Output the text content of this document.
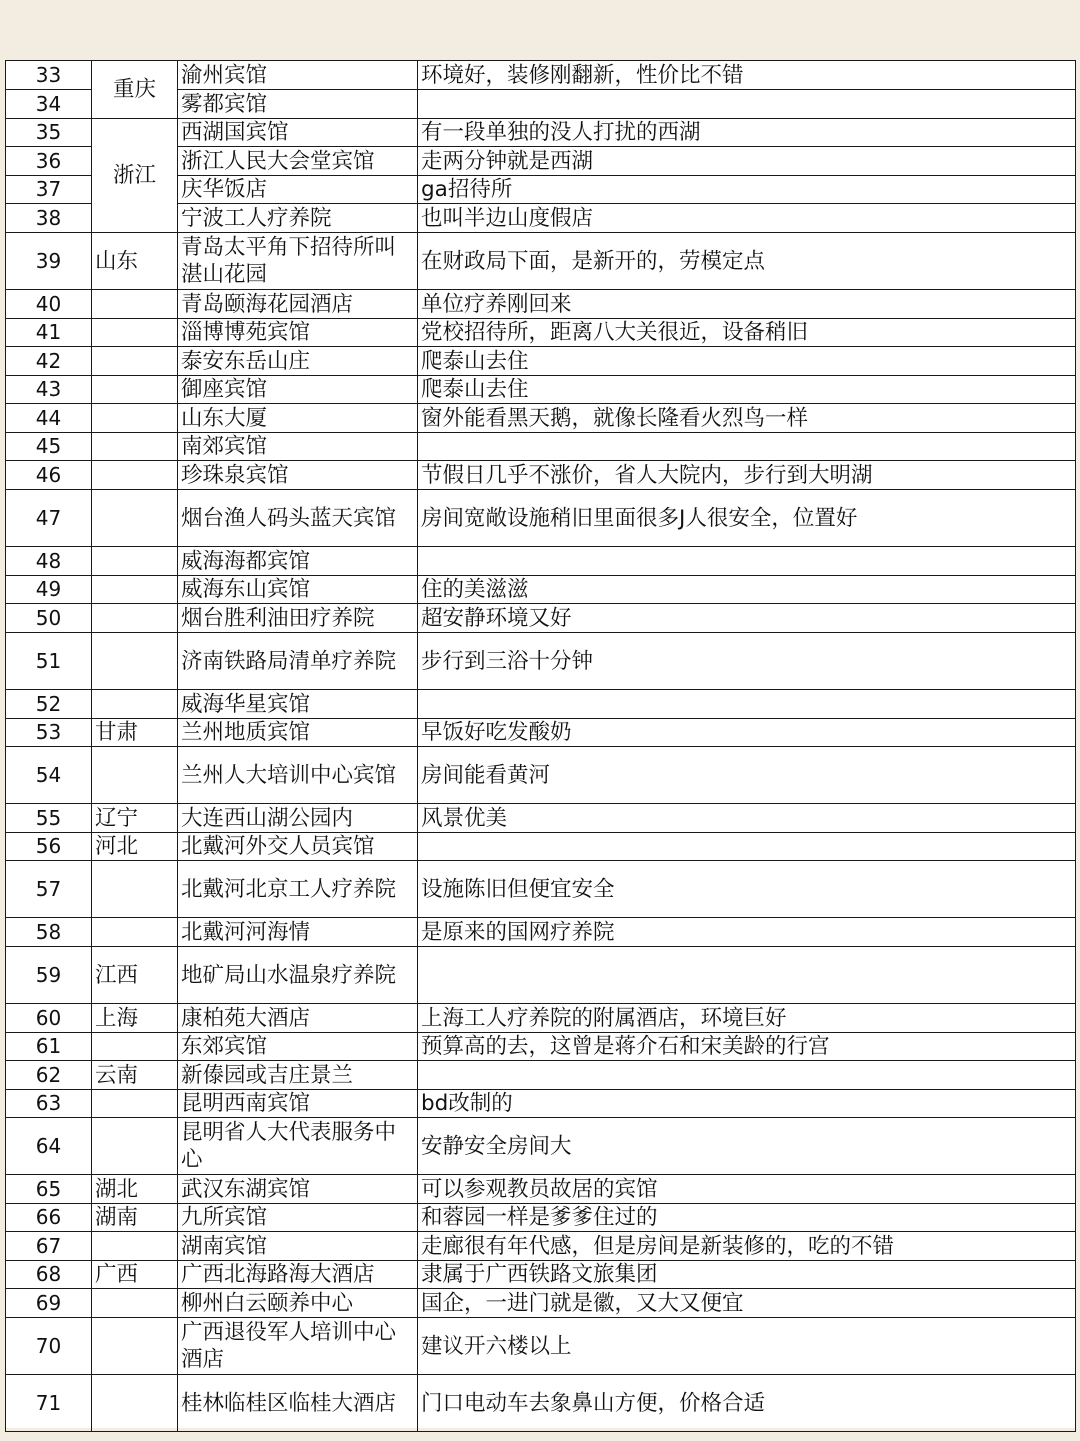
33	重庆	渝州宾馆	环境好，装修刚翻新，性价比不错
34		雾都宾馆	
35	浙江	西湖国宾馆	有一段单独的没人打扰的西湖
36		浙江人民大会堂宾馆	走两分钟就是西湖
37		庆华饭店	ga招待所
38		宁波工人疗养院	也叫半边山度假店
39	山东	青岛太平角下招待所叫湛山花园	在财政局下面，是新开的，劳模定点
40		青岛颐海花园酒店	单位疗养刚回来
41		淄博博苑宾馆	党校招待所，距离八大关很近，设备稍旧
42		泰安东岳山庄	爬泰山去住
43		御座宾馆	爬泰山去住
44		山东大厦	窗外能看黑天鹅，就像长隆看火烈鸟一样
45		南郊宾馆	
46		珍珠泉宾馆	节假日几乎不涨价，省人大院内，步行到大明湖
47		烟台渔人码头蓝天宾馆	房间宽敞设施稍旧里面很多J人很安全，位置好
48		威海海都宾馆	
49		威海东山宾馆	住的美滋滋
50		烟台胜利油田疗养院	超安静环境又好
51		济南铁路局清单疗养院	步行到三浴十分钟
52		威海华星宾馆	
53	甘肃	兰州地质宾馆	早饭好吃发酸奶
54		兰州人大培训中心宾馆	房间能看黄河
55	辽宁	大连西山湖公园内	风景优美
56	河北	北戴河外交人员宾馆	
57		北戴河北京工人疗养院	设施陈旧但便宜安全
58		北戴河河海情	是原来的国网疗养院
59	江西	地矿局山水温泉疗养院	
60	上海	康柏苑大酒店	上海工人疗养院的附属酒店，环境巨好
61		东郊宾馆	预算高的去，这曾是蒋介石和宋美龄的行宫
62	云南	新傣园或吉庄景兰	
63		昆明西南宾馆	bd改制的
64		昆明省人大代表服务中心	安静安全房间大
65	湖北	武汉东湖宾馆	可以参观教员故居的宾馆
66	湖南	九所宾馆	和蓉园一样是爹爹住过的
67		湖南宾馆	走廊很有年代感，但是房间是新装修的，吃的不错
68	广西	广西北海路海大酒店	隶属于广西铁路文旅集团
69		柳州白云颐养中心	国企，一进门就是徽，又大又便宜
70		广西退役军人培训中心酒店	建议开六楼以上
71		桂林临桂区临桂大酒店	门口电动车去象鼻山方便，价格合适
